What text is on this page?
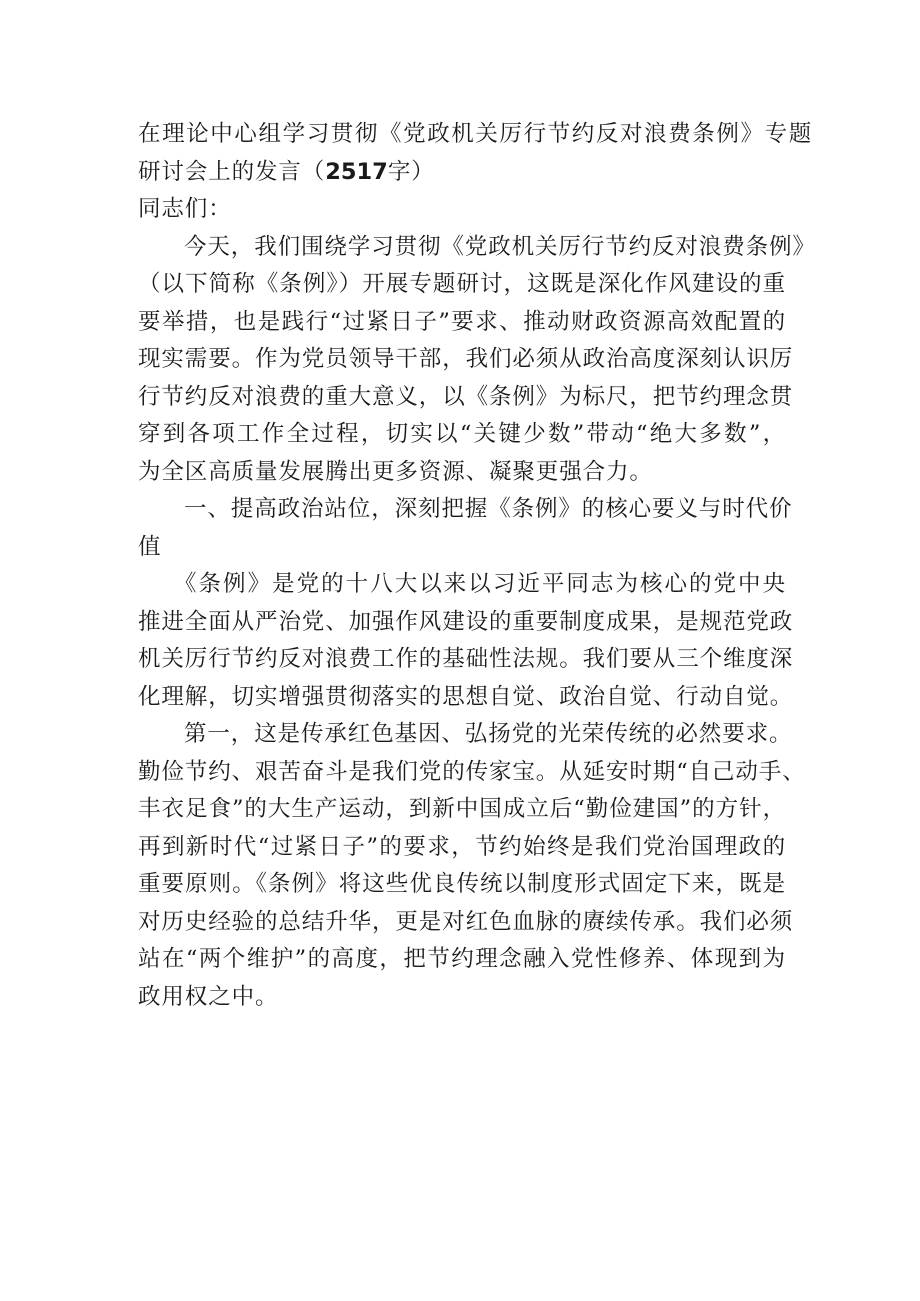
在理论中心组学习贯彻《党政机关厉行节约反对浪费条例》专题
研讨会上的发言（2517字）
同志们：
今天，我们围绕学习贯彻《党政机关厉行节约反对浪费条例》
（以下简称《条例》）开展专题研讨，这既是深化作风建设的重
要举措，也是践行“过紧日子”要求、推动财政资源高效配置的
现实需要。作为党员领导干部，我们必须从政治高度深刻认识厉
行节约反对浪费的重大意义，以《条例》为标尺，把节约理念贯
穿到各项工作全过程，切实以“关键少数”带动“绝大多数”，
为全区高质量发展腾出更多资源、凝聚更强合力。
一、提高政治站位，深刻把握《条例》的核心要义与时代价
值
《条例》是党的十八大以来以习近平同志为核心的党中央
推进全面从严治党、加强作风建设的重要制度成果，是规范党政
机关厉行节约反对浪费工作的基础性法规。我们要从三个维度深
化理解，切实增强贯彻落实的思想自觉、政治自觉、行动自觉。
第一，这是传承红色基因、弘扬党的光荣传统的必然要求。
勤俭节约、艰苦奋斗是我们党的传家宝。从延安时期“自己动手、
丰衣足食”的大生产运动，到新中国成立后“勤俭建国”的方针，
再到新时代“过紧日子”的要求，节约始终是我们党治国理政的
重要原则。《条例》将这些优良传统以制度形式固定下来，既是
对历史经验的总结升华，更是对红色血脉的赓续传承。我们必须
站在“两个维护”的高度，把节约理念融入党性修养、体现到为
政用权之中。
